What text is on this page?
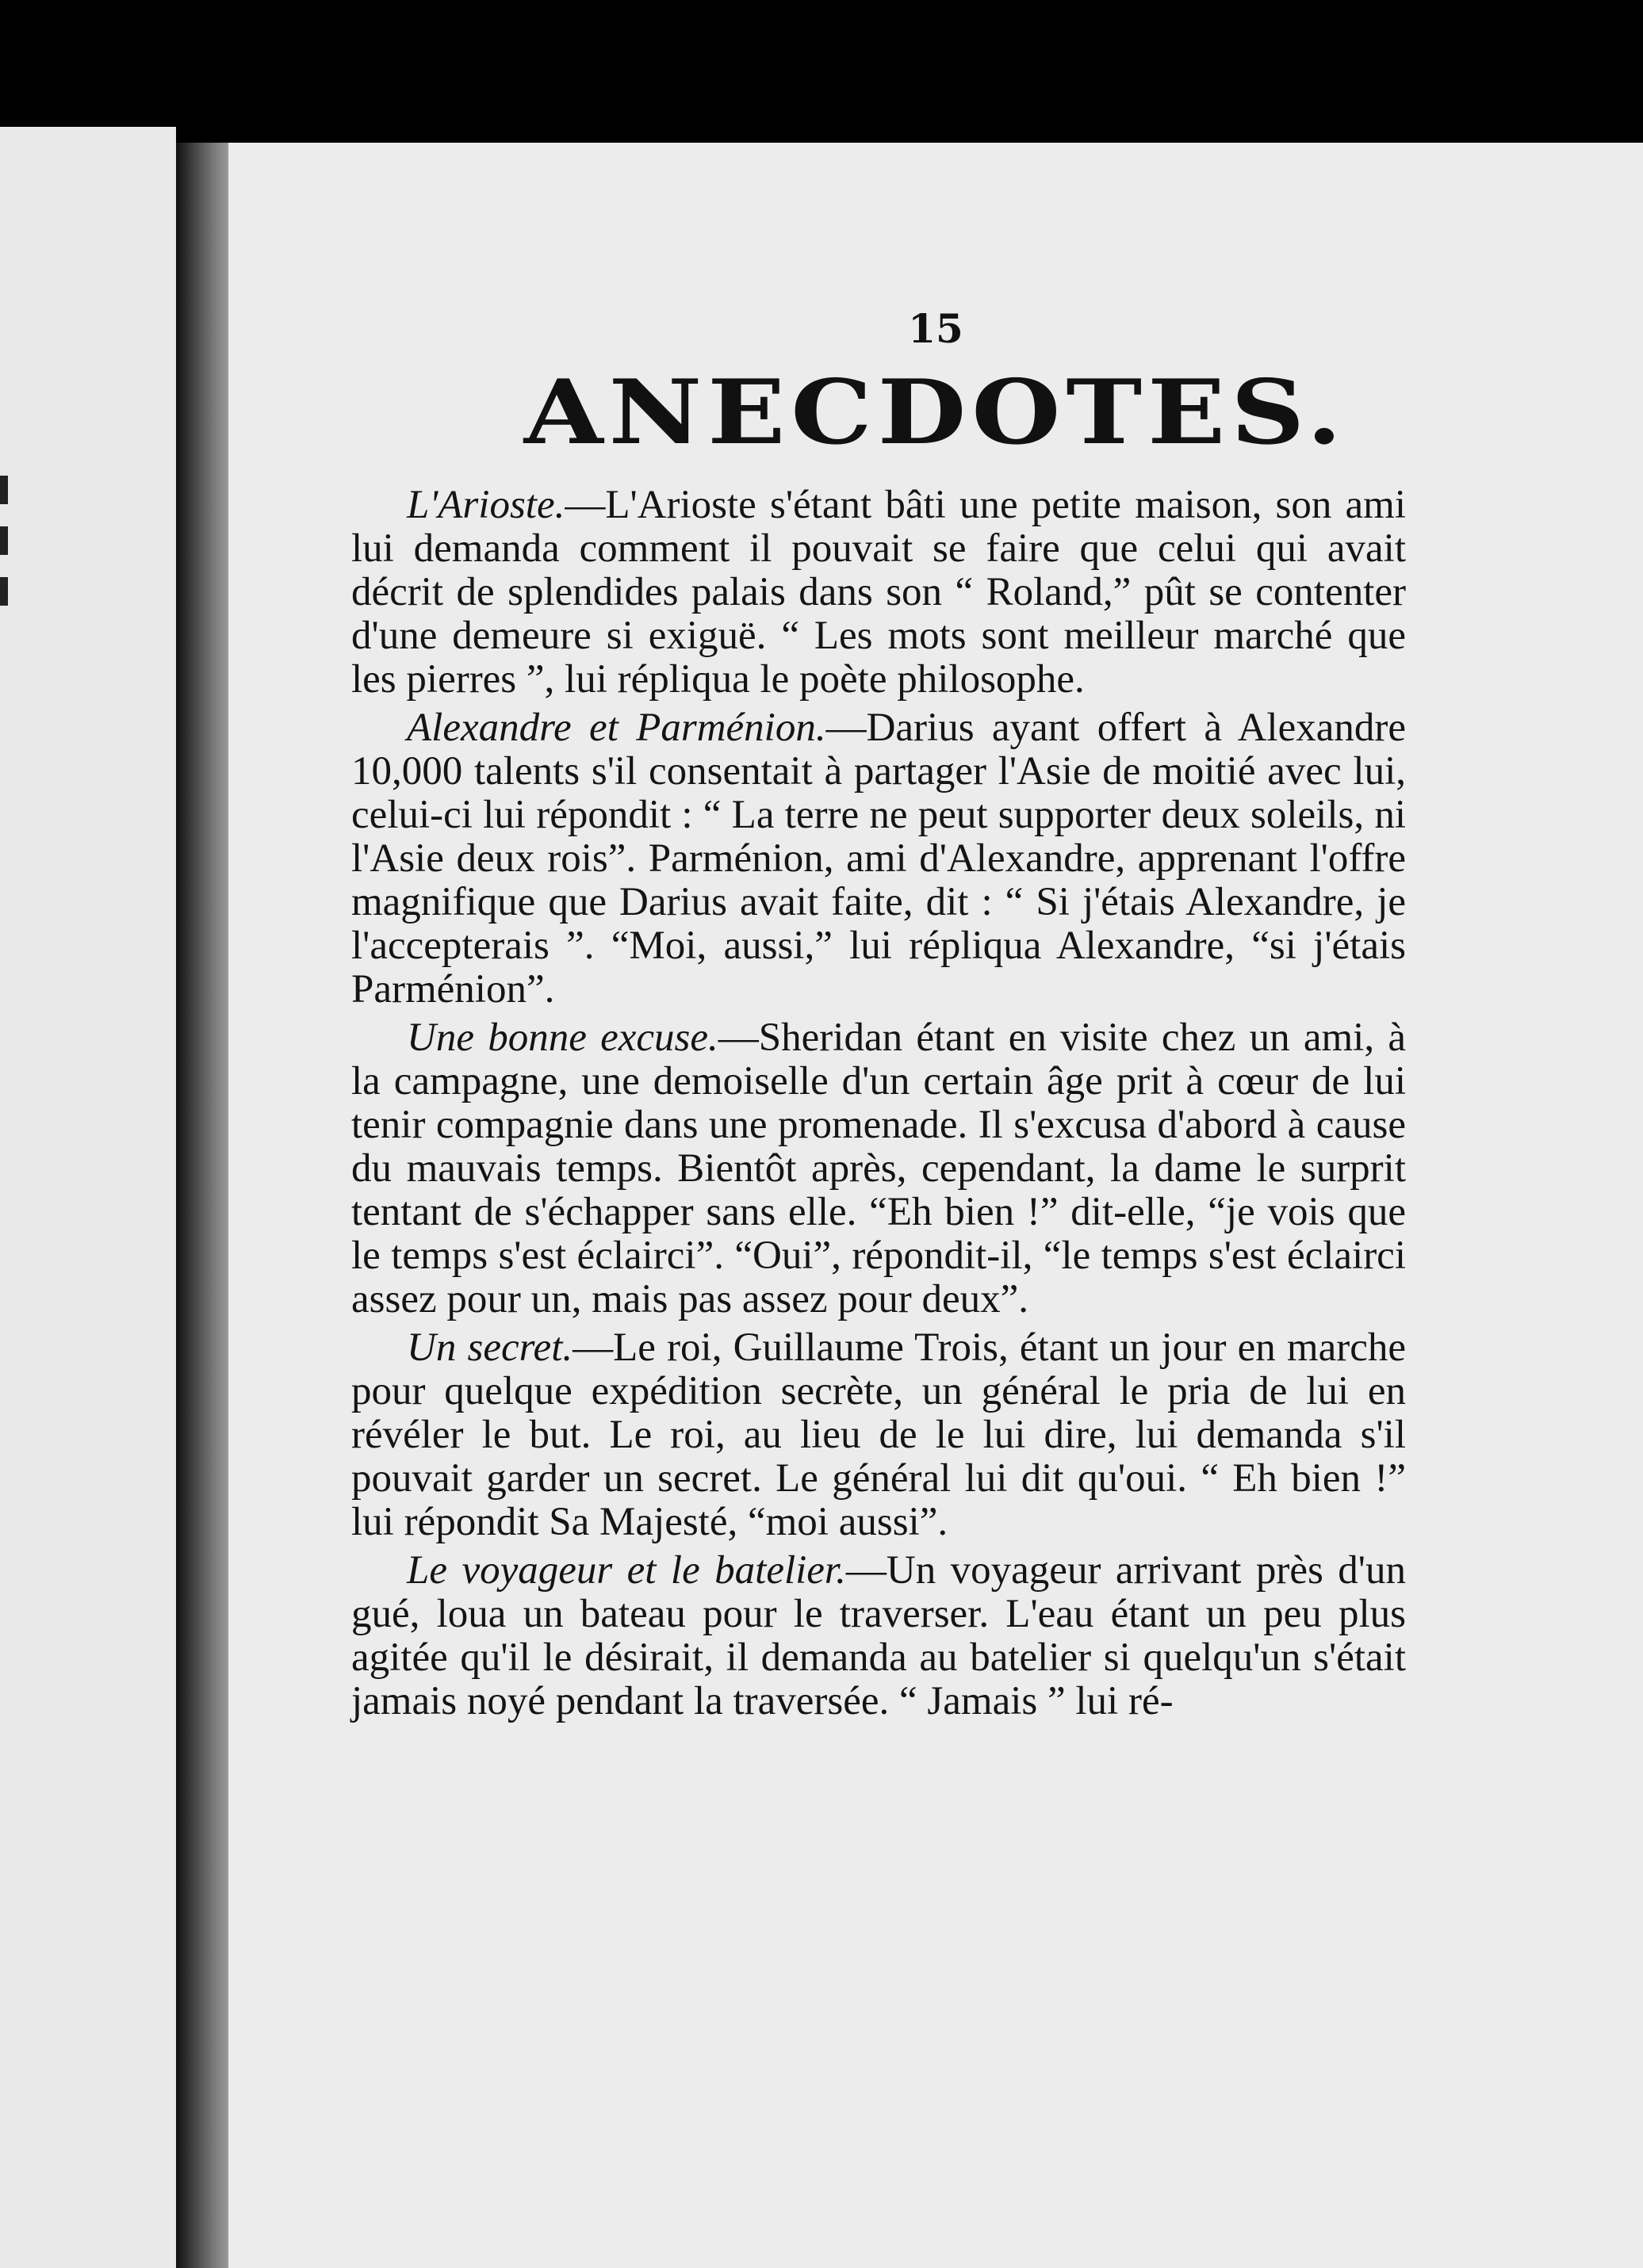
15
ANECDOTES.

L'Arioste.—L'Arioste s'étant bâti une petite maison, son ami lui demanda comment il pouvait se faire que celui qui avait décrit de splendides palais dans son “ Roland,” pût se contenter d'une demeure si exiguë. “ Les mots sont meilleur marché que les pierres ”, lui répliqua le poète philosophe.

Alexandre et Parménion.—Darius ayant offert à Alexandre 10,000 talents s'il consentait à partager l'Asie de moitié avec lui, celui-ci lui répondit : “ La terre ne peut supporter deux soleils, ni l'Asie deux rois”. Parménion, ami d'Alexandre, apprenant l'offre magnifique que Darius avait faite, dit : “ Si j'étais Alexandre, je l'accepterais ”. “Moi, aussi,” lui répliqua Alexandre, “si j'étais Parménion”.

Une bonne excuse.—Sheridan étant en visite chez un ami, à la campagne, une demoiselle d'un certain âge prit à cœur de lui tenir compagnie dans une promenade. Il s'excusa d'abord à cause du mauvais temps. Bientôt après, cependant, la dame le surprit tentant de s'échapper sans elle. “Eh bien !” dit-elle, “je vois que le temps s'est éclairci”. “Oui”, répondit-il, “le temps s'est éclairci assez pour un, mais pas assez pour deux”.

Un secret.—Le roi, Guillaume Trois, étant un jour en marche pour quelque expédition secrète, un général le pria de lui en révéler le but. Le roi, au lieu de le lui dire, lui demanda s'il pouvait garder un secret. Le général lui dit qu'oui. “ Eh bien !” lui répondit Sa Majesté, “moi aussi”.

Le voyageur et le batelier.—Un voyageur arrivant près d'un gué, loua un bateau pour le traverser. L'eau étant un peu plus agitée qu'il le désirait, il demanda au batelier si quelqu'un s'était jamais noyé pendant la traversée. “ Jamais ” lui ré-
